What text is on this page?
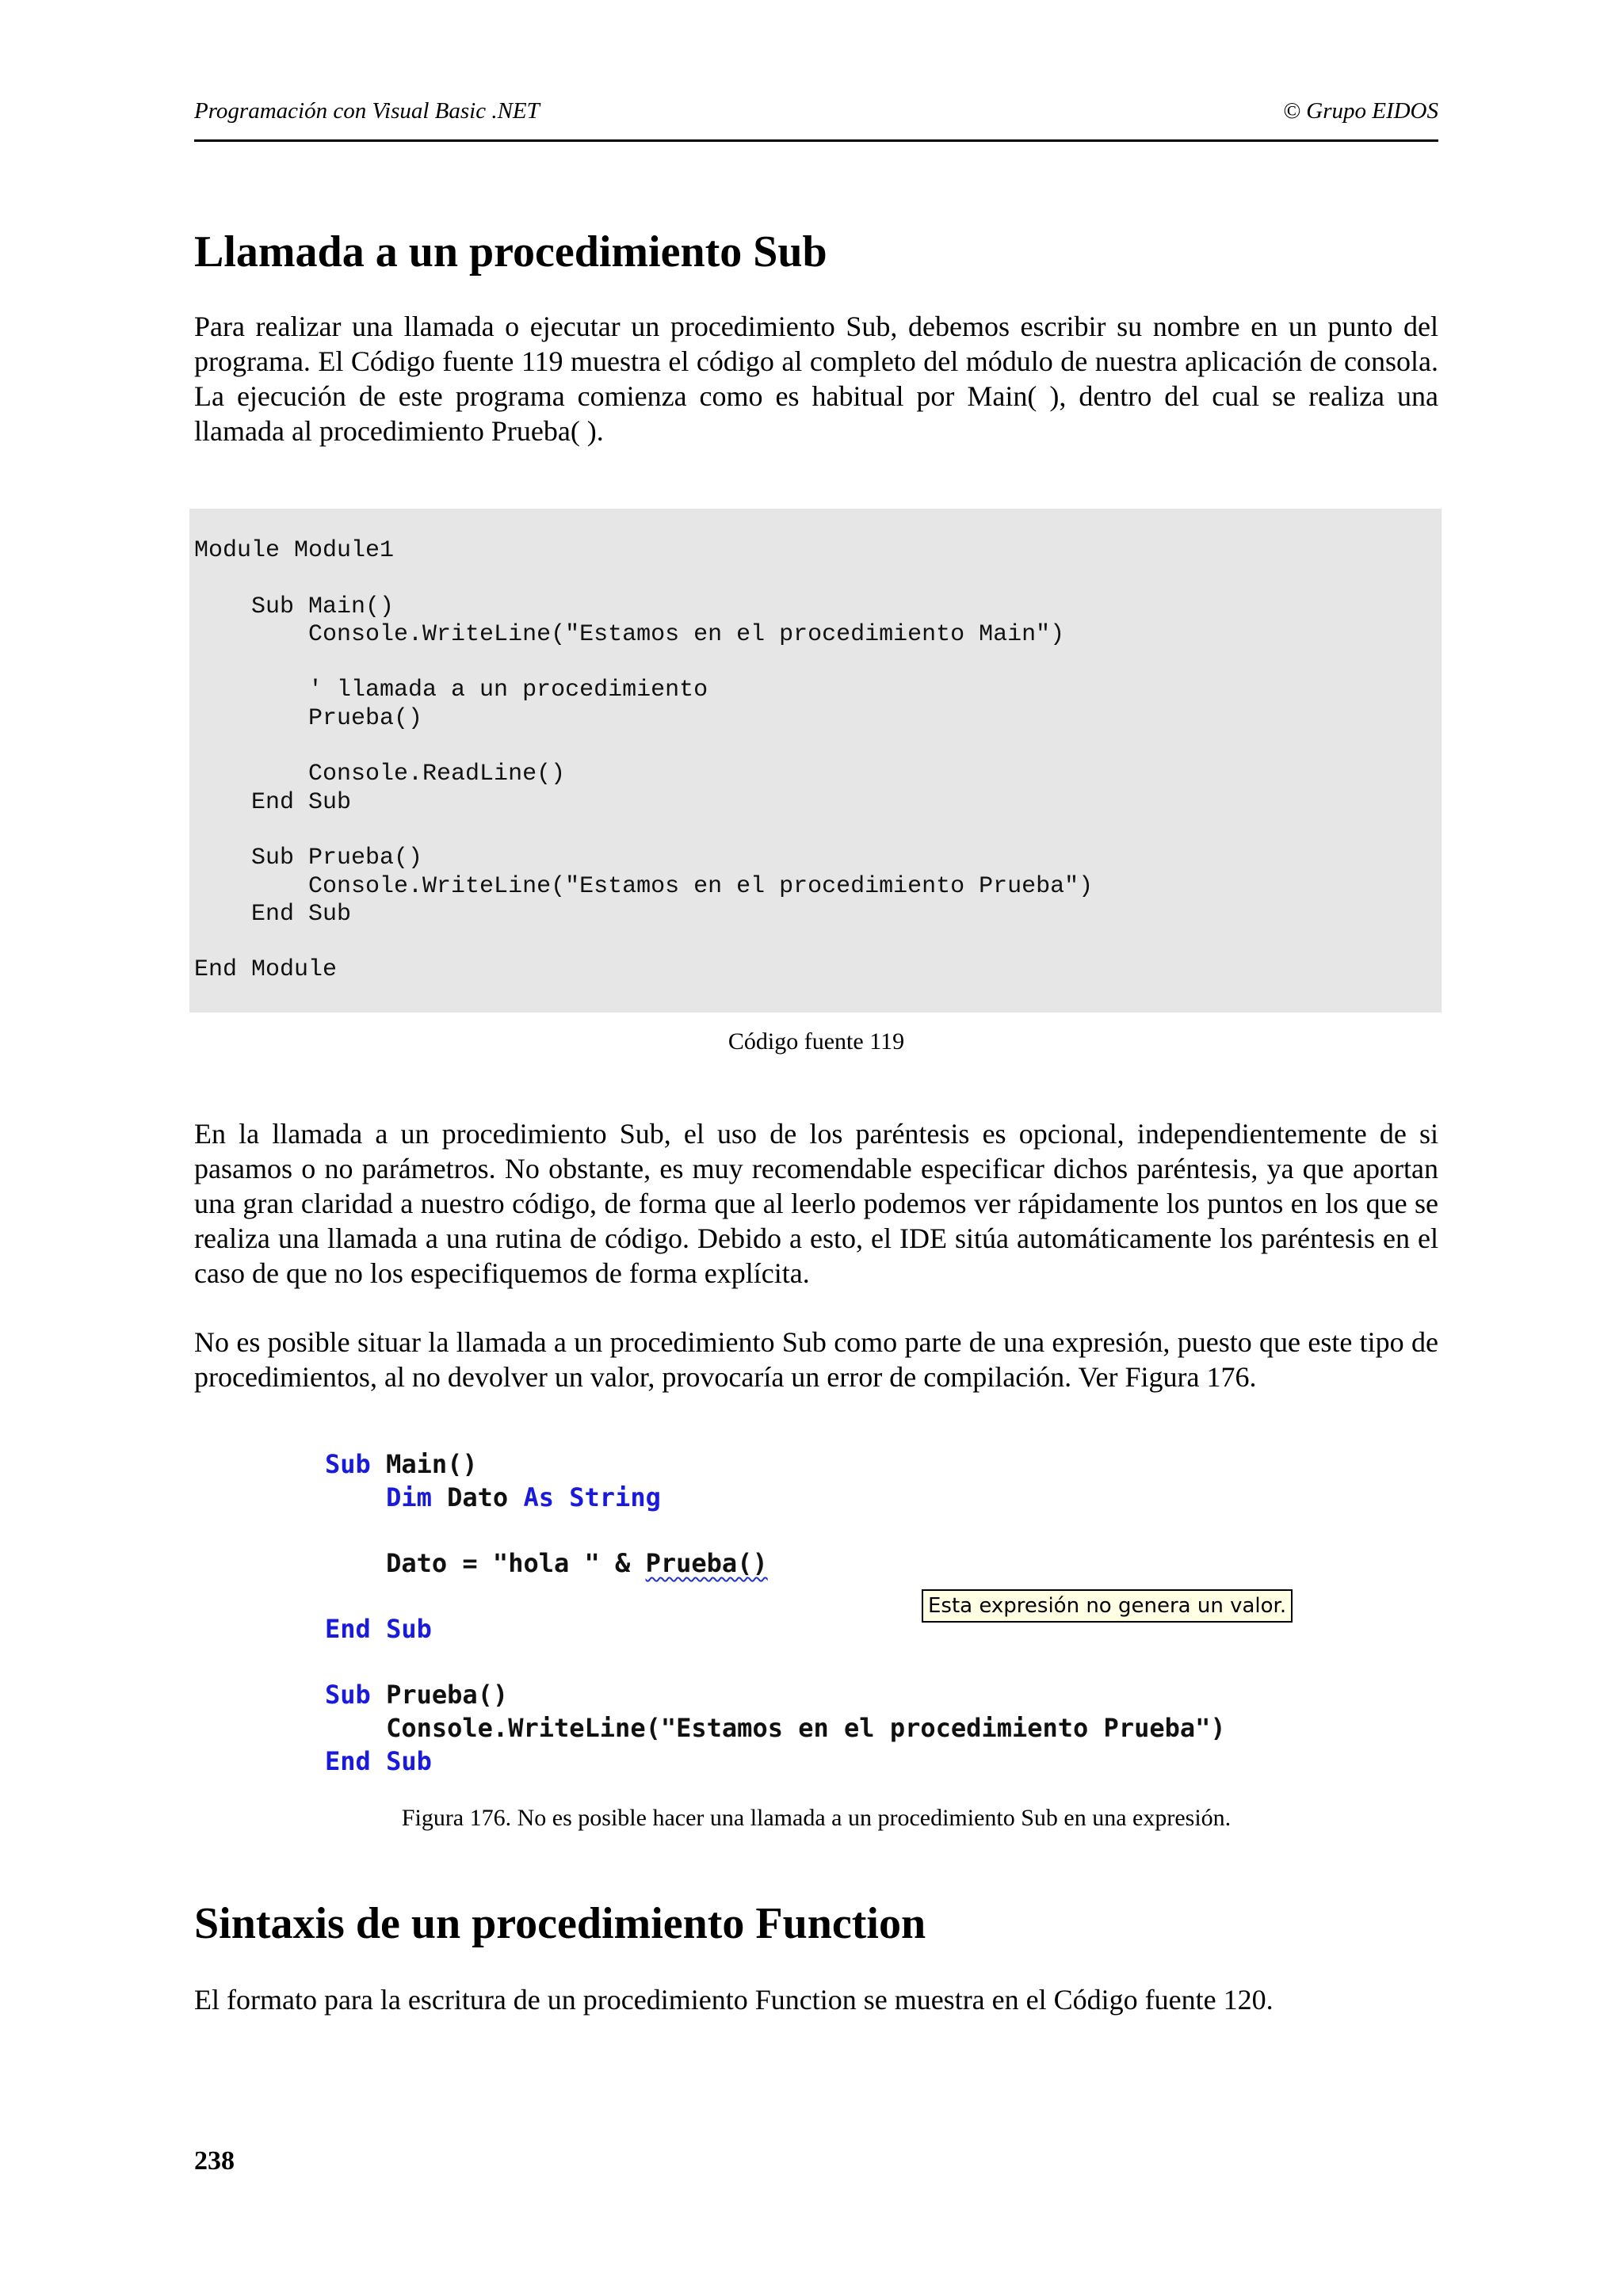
Programación con Visual Basic .NET	© Grupo EIDOS
Llamada a un procedimiento Sub

Para realizar una llamada o ejecutar un procedimiento Sub, debemos escribir su nombre en un punto del programa. El Código fuente 119 muestra el código al completo del módulo de nuestra aplicación de consola. La ejecución de este programa comienza como es habitual por Main( ), dentro del cual se realiza una llamada al procedimiento Prueba( ).

Module Module1

Sub Main()
Console.WriteLine("Estamos en el procedimiento Main")

' llamada a un procedimiento
Prueba()

Console.ReadLine()
End Sub

Sub Prueba()
Console.WriteLine("Estamos en el procedimiento Prueba")
End Sub

End Module
Código fuente 119

En la llamada a un procedimiento Sub, el uso de los paréntesis es opcional, independientemente de si pasamos o no parámetros. No obstante, es muy recomendable especificar dichos paréntesis, ya que aportan una gran claridad a nuestro código, de forma que al leerlo podemos ver rápidamente los puntos en los que se realiza una llamada a una rutina de código. Debido a esto, el IDE sitúa automáticamente los paréntesis en el caso de que no los especifiquemos de forma explícita.

No es posible situar la llamada a un procedimiento Sub como parte de una expresión, puesto que este tipo de procedimientos, al no devolver un valor, provocaría un error de compilación. Ver Figura 176.

Sub Main()
Dim Dato As String
Dato = "hola " & Prueba()
Esta expresión no genera un valor.
End Sub
Sub Prueba()
Console.WriteLine("Estamos en el procedimiento Prueba")
End Sub
Figura 176. No es posible hacer una llamada a un procedimiento Sub en una expresión.
Sintaxis de un procedimiento Function

El formato para la escritura de un procedimiento Function se muestra en el Código fuente 120.

238
